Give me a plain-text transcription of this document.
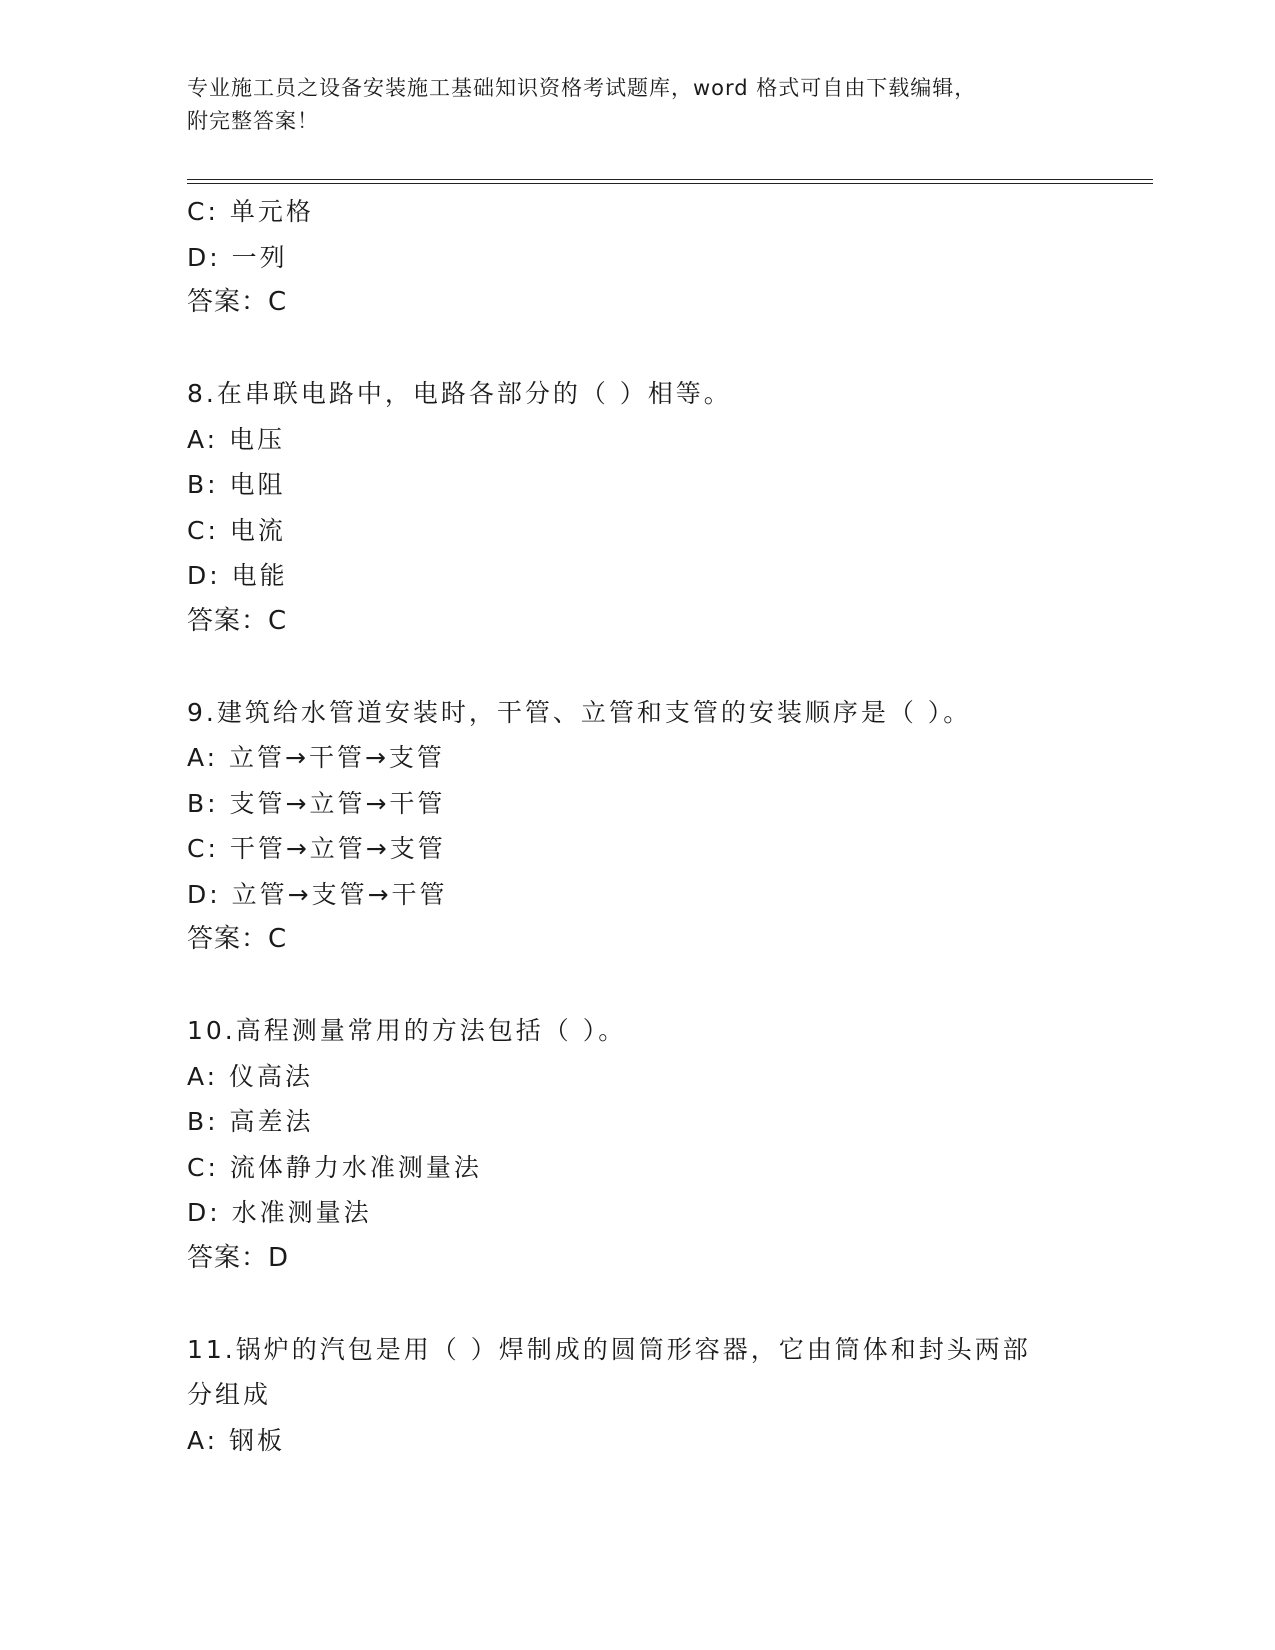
专业施工员之设备安装施工基础知识资格考试题库，word 格式可自由下载编辑，
附完整答案！
C: 单元格
D: 一列
答案：C
8.在串联电路中，电路各部分的（ ）相等。
A: 电压
B: 电阻
C: 电流
D: 电能
答案：C
9.建筑给水管道安装时，干管、立管和支管的安装顺序是（ ）。
A: 立管→干管→支管
B: 支管→立管→干管
C: 干管→立管→支管
D: 立管→支管→干管
答案：C
10.高程测量常用的方法包括（ ）。
A: 仪高法
B: 高差法
C: 流体静力水准测量法
D: 水准测量法
答案：D
11.锅炉的汽包是用（ ）焊制成的圆筒形容器，它由筒体和封头两部
分组成
A: 钢板
